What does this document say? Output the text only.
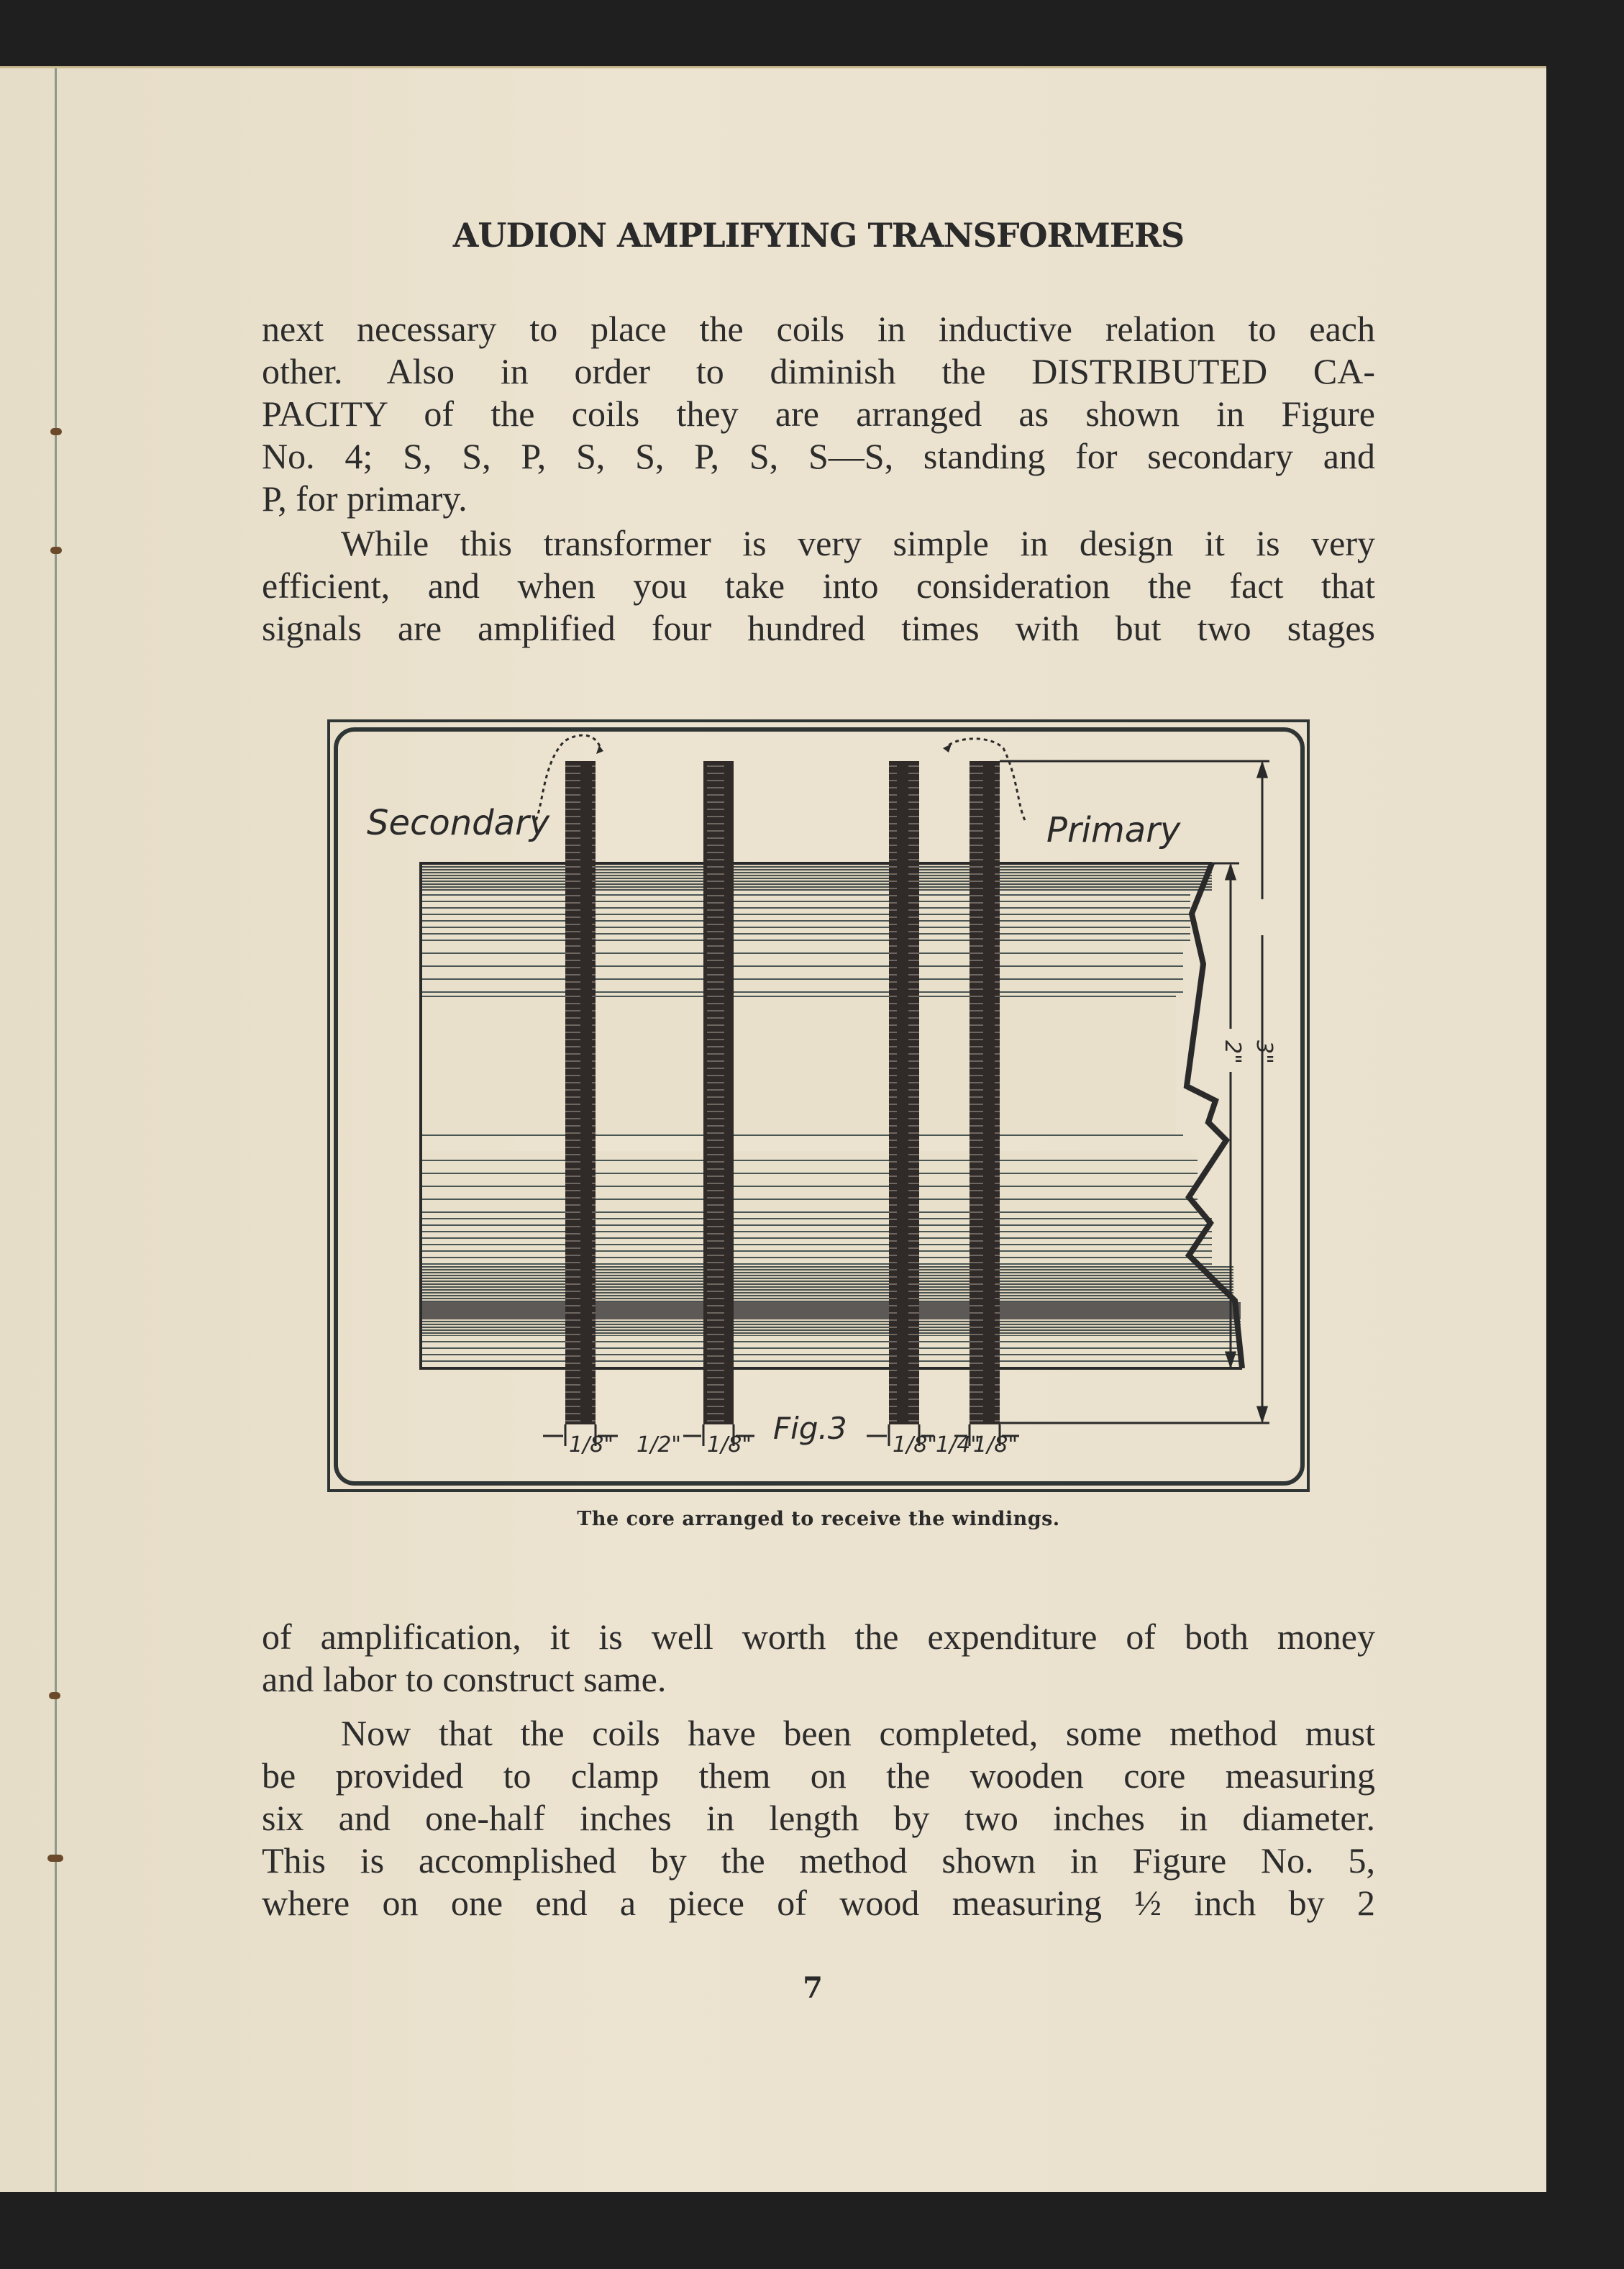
AUDION AMPLIFYING TRANSFORMERS
next necessary to place the coils in inductive relation to each
other. Also in order to diminish the DISTRIBUTED CA-
PACITY of the coils they are arranged as shown in Figure
No. 4; S, S, P, S, S, P, S, S—S, standing for secondary and
P, for primary.
While this transformer is very simple in design it is very
efficient, and when you take into consideration the fact that
signals are amplified four hundred times with but two stages
Secondary	Primary
2" 3"
1/8" 1/2" 1/8"	1/8"
1/4"
1/8"
Fig.3
The core arranged to receive the windings.
of amplification, it is well worth the expenditure of both money
and labor to construct same.
Now that the coils have been completed, some method must
be provided to clamp them on the wooden core measuring
six and one-half inches in length by two inches in diameter.
This is accomplished by the method shown in Figure No. 5,
where on one end a piece of wood measuring ½ inch by 2
7
